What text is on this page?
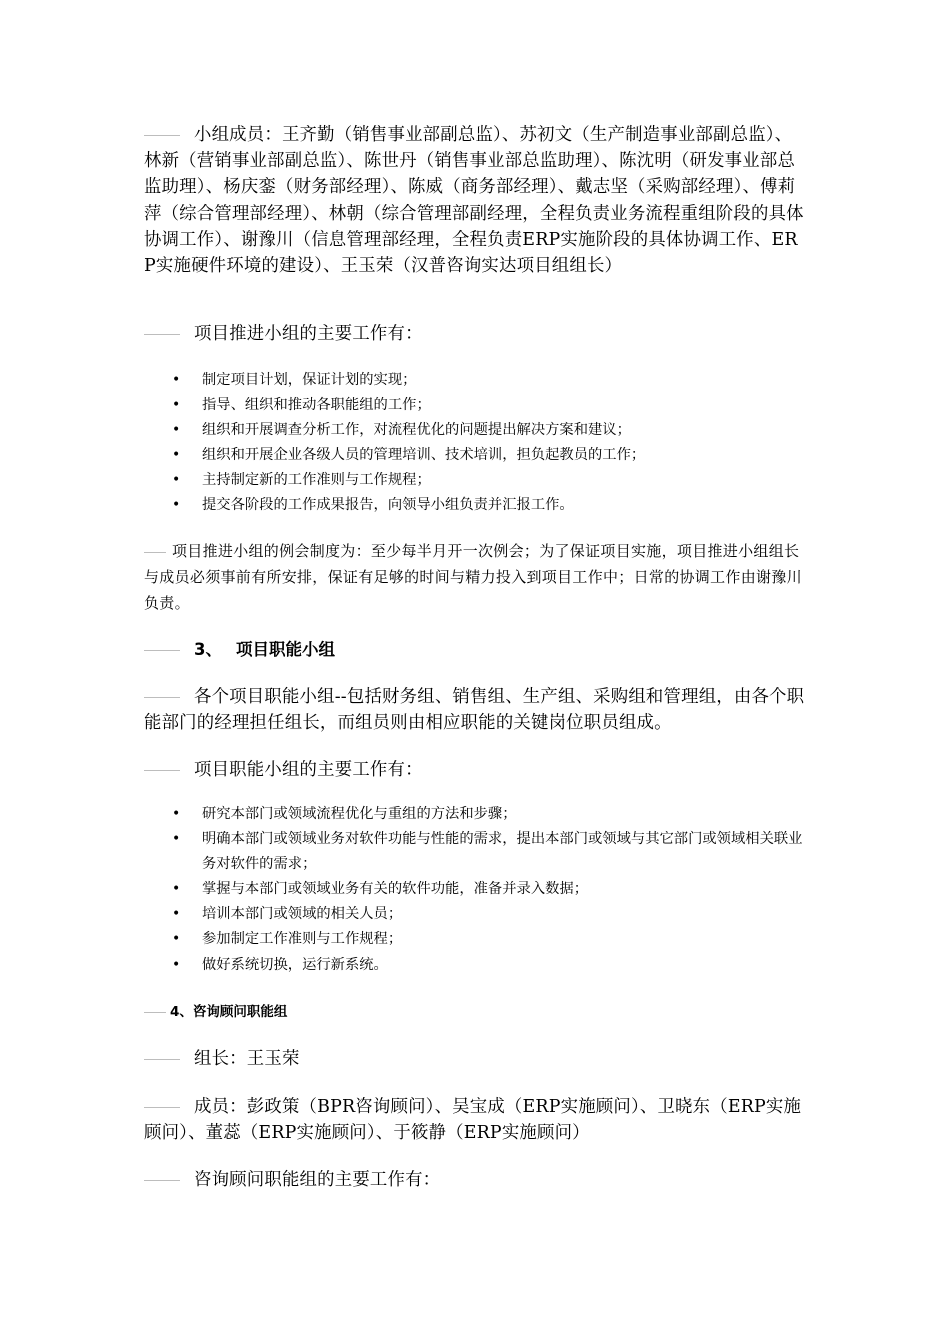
小组成员：王齐勤（销售事业部副总监）、苏初文（生产制造事业部副总监）、林新（营销事业部副总监）、陈世丹（销售事业部总监助理）、陈沈明（研发事业部总监助理）、杨庆銮（财务部经理）、陈威（商务部经理）、戴志坚（采购部经理）、傅莉萍（综合管理部经理）、林朝（综合管理部副经理，全程负责业务流程重组阶段的具体协调工作）、谢豫川（信息管理部经理，全程负责ERP实施阶段的具体协调工作、ERP实施硬件环境的建设）、王玉荣（汉普咨询实达项目组组长）
项目推进小组的主要工作有：
• 制定项目计划，保证计划的实现；
• 指导、组织和推动各职能组的工作；
• 组织和开展调查分析工作，对流程优化的问题提出解决方案和建议；
• 组织和开展企业各级人员的管理培训、技术培训，担负起教员的工作；
• 主持制定新的工作准则与工作规程；
• 提交各阶段的工作成果报告，向领导小组负责并汇报工作。
项目推进小组的例会制度为：至少每半月开一次例会；为了保证项目实施，项目推进小组组长与成员必须事前有所安排，保证有足够的时间与精力投入到项目工作中；日常的协调工作由谢豫川负责。
3、 项目职能小组
各个项目职能小组--包括财务组、销售组、生产组、采购组和管理组，由各个职能部门的经理担任组长，而组员则由相应职能的关键岗位职员组成。
项目职能小组的主要工作有：
• 研究本部门或领域流程优化与重组的方法和步骤；
• 明确本部门或领域业务对软件功能与性能的需求，提出本部门或领域与其它部门或领域相关联业务对软件的需求；
• 掌握与本部门或领域业务有关的软件功能，准备并录入数据；
• 培训本部门或领域的相关人员；
• 参加制定工作准则与工作规程；
• 做好系统切换，运行新系统。
4、咨询顾问职能组
组长：王玉荣
成员：彭政策（BPR咨询顾问）、吴宝成（ERP实施顾问）、卫晓东（ERP实施顾问）、董蕊（ERP实施顾问）、于筱静（ERP实施顾问）
咨询顾问职能组的主要工作有：
